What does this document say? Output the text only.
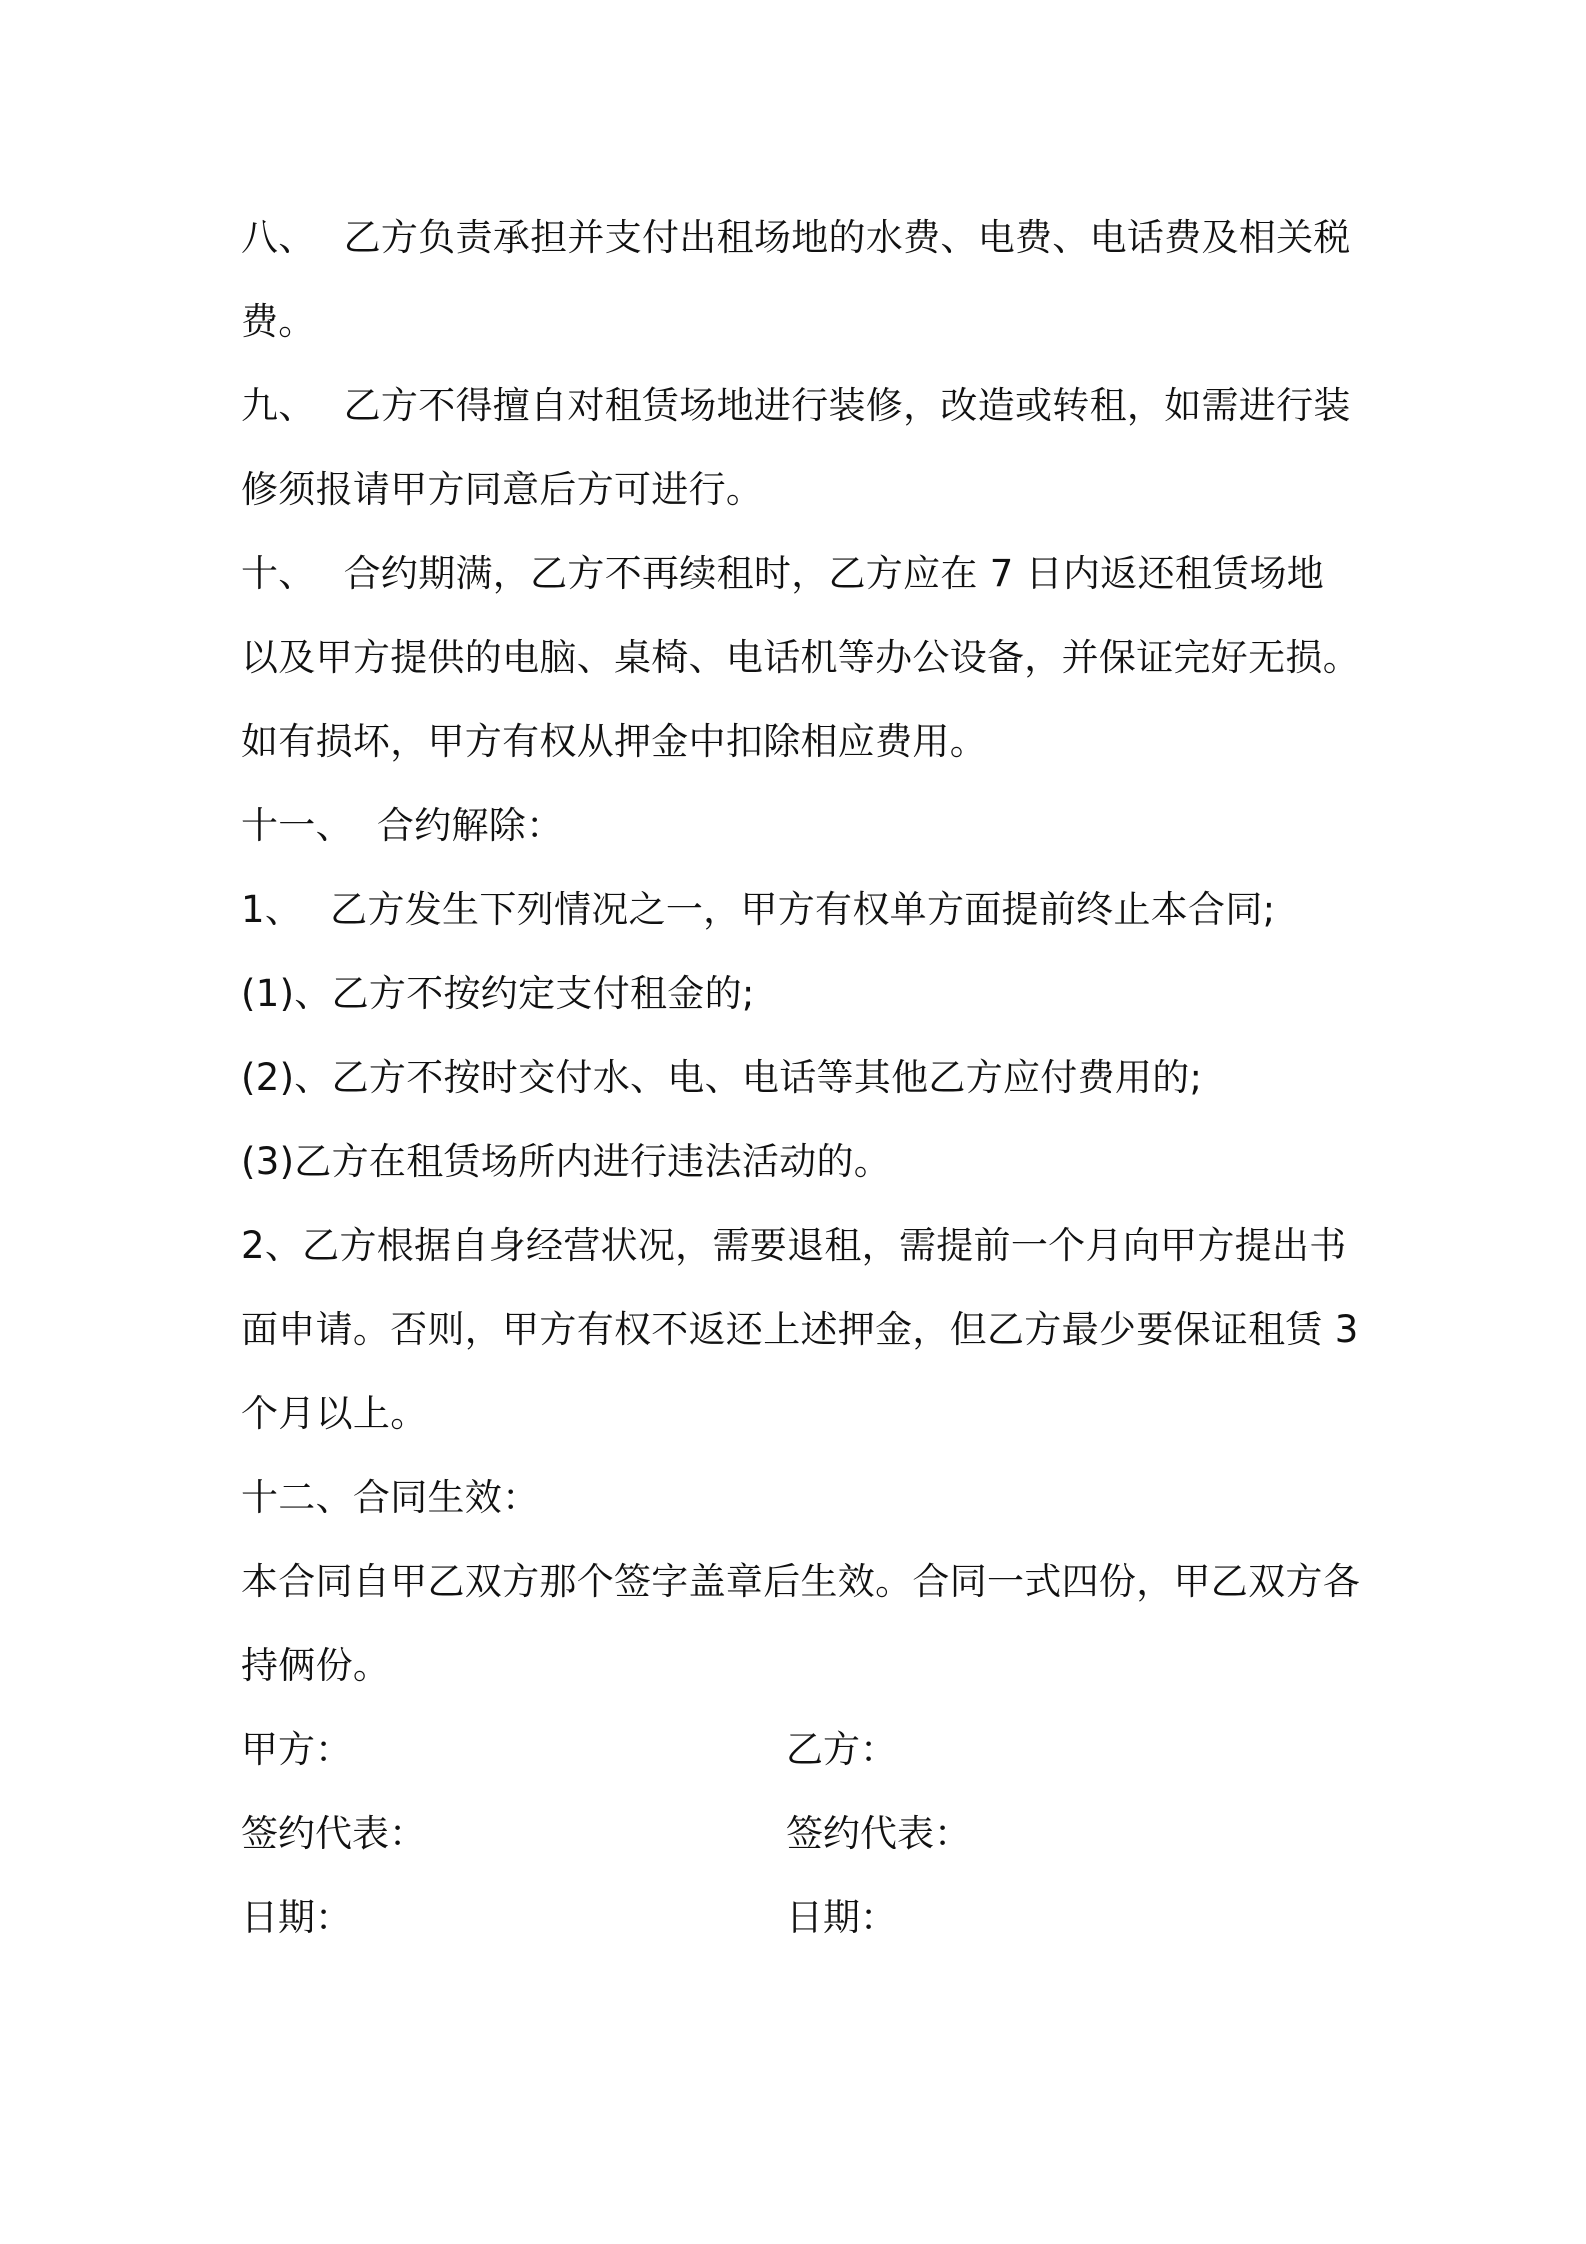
八、 乙方负责承担并支付出租场地的水费、电费、电话费及相关税费。

九、 乙方不得擅自对租赁场地进行装修，改造或转租，如需进行装修须报请甲方同意后方可进行。

十、 合约期满，乙方不再续租时，乙方应在 7 日内返还租赁场地以及甲方提供的电脑、桌椅、电话机等办公设备，并保证完好无损。如有损坏，甲方有权从押金中扣除相应费用。

十一、 合约解除：

1、 乙方发生下列情况之一，甲方有权单方面提前终止本合同;

(1)、乙方不按约定支付租金的;

(2)、乙方不按时交付水、电、电话等其他乙方应付费用的;

(3)乙方在租赁场所内进行违法活动的。

2、乙方根据自身经营状况，需要退租，需提前一个月向甲方提出书面申请。否则，甲方有权不返还上述押金，但乙方最少要保证租赁 3 个月以上。

十二、合同生效：

本合同自甲乙双方那个签字盖章后生效。合同一式四份，甲乙双方各持俩份。

甲方：	乙方：
签约代表：	签约代表：
日期：	日期：
